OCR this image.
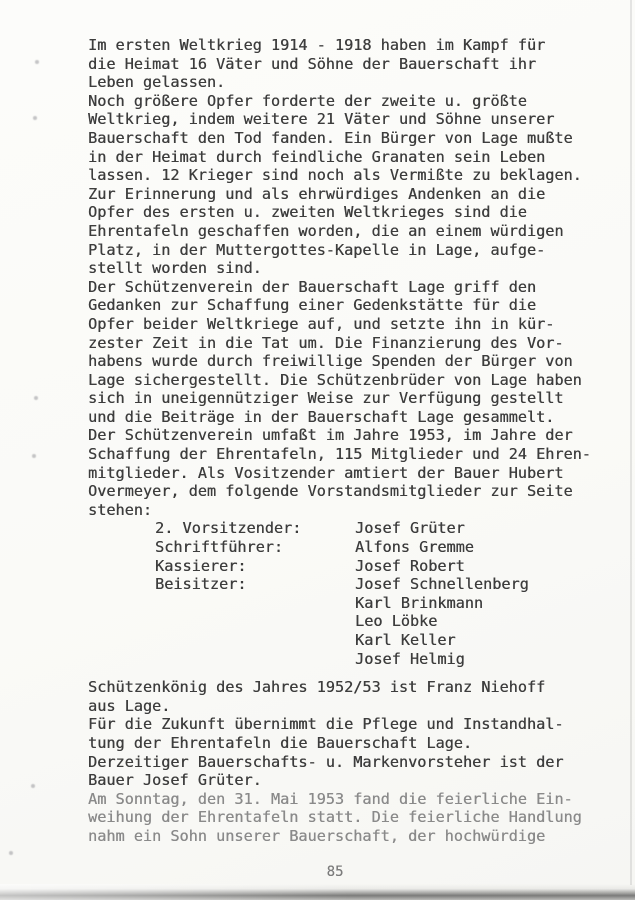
Im ersten Weltkrieg 1914 - 1918 haben im Kampf für
die Heimat 16 Väter und Söhne der Bauerschaft ihr
Leben gelassen.
Noch größere Opfer forderte der zweite u. größte
Weltkrieg, indem weitere 21 Väter und Söhne unserer
Bauerschaft den Tod fanden. Ein Bürger von Lage mußte
in der Heimat durch feindliche Granaten sein Leben
lassen. 12 Krieger sind noch als Vermißte zu beklagen.
Zur Erinnerung und als ehrwürdiges Andenken an die
Opfer des ersten u. zweiten Weltkrieges sind die
Ehrentafeln geschaffen worden, die an einem würdigen
Platz, in der Muttergottes-Kapelle in Lage, aufge-
stellt worden sind.
Der Schützenverein der Bauerschaft Lage griff den
Gedanken zur Schaffung einer Gedenkstätte für die
Opfer beider Weltkriege auf, und setzte ihn in kür-
zester Zeit in die Tat um. Die Finanzierung des Vor-
habens wurde durch freiwillige Spenden der Bürger von
Lage sichergestellt. Die Schützenbrüder von Lage haben
sich in uneigennütziger Weise zur Verfügung gestellt
und die Beiträge in der Bauerschaft Lage gesammelt.
Der Schützenverein umfaßt im Jahre 1953, im Jahre der
Schaffung der Ehrentafeln, 115 Mitglieder und 24 Ehren-
mitglieder. Als Vositzender amtiert der Bauer Hubert
Overmeyer, dem folgende Vorstandsmitglieder zur Seite
stehen:
2. Vorsitzender:	Josef Grüter
Schriftführer:	Alfons Gremme
Kassierer:	Josef Robert
Beisitzer:	Josef Schnellenberg
Karl Brinkmann
Leo Löbke
Karl Keller
Josef Helmig
Schützenkönig des Jahres 1952/53 ist Franz Niehoff
aus Lage.
Für die Zukunft übernimmt die Pflege und Instandhal-
tung der Ehrentafeln die Bauerschaft Lage.
Derzeitiger Bauerschafts- u. Markenvorsteher ist der
Bauer Josef Grüter.
Am Sonntag, den 31. Mai 1953 fand die feierliche Ein-
weihung der Ehrentafeln statt. Die feierliche Handlung
nahm ein Sohn unserer Bauerschaft, der hochwürdige
85
